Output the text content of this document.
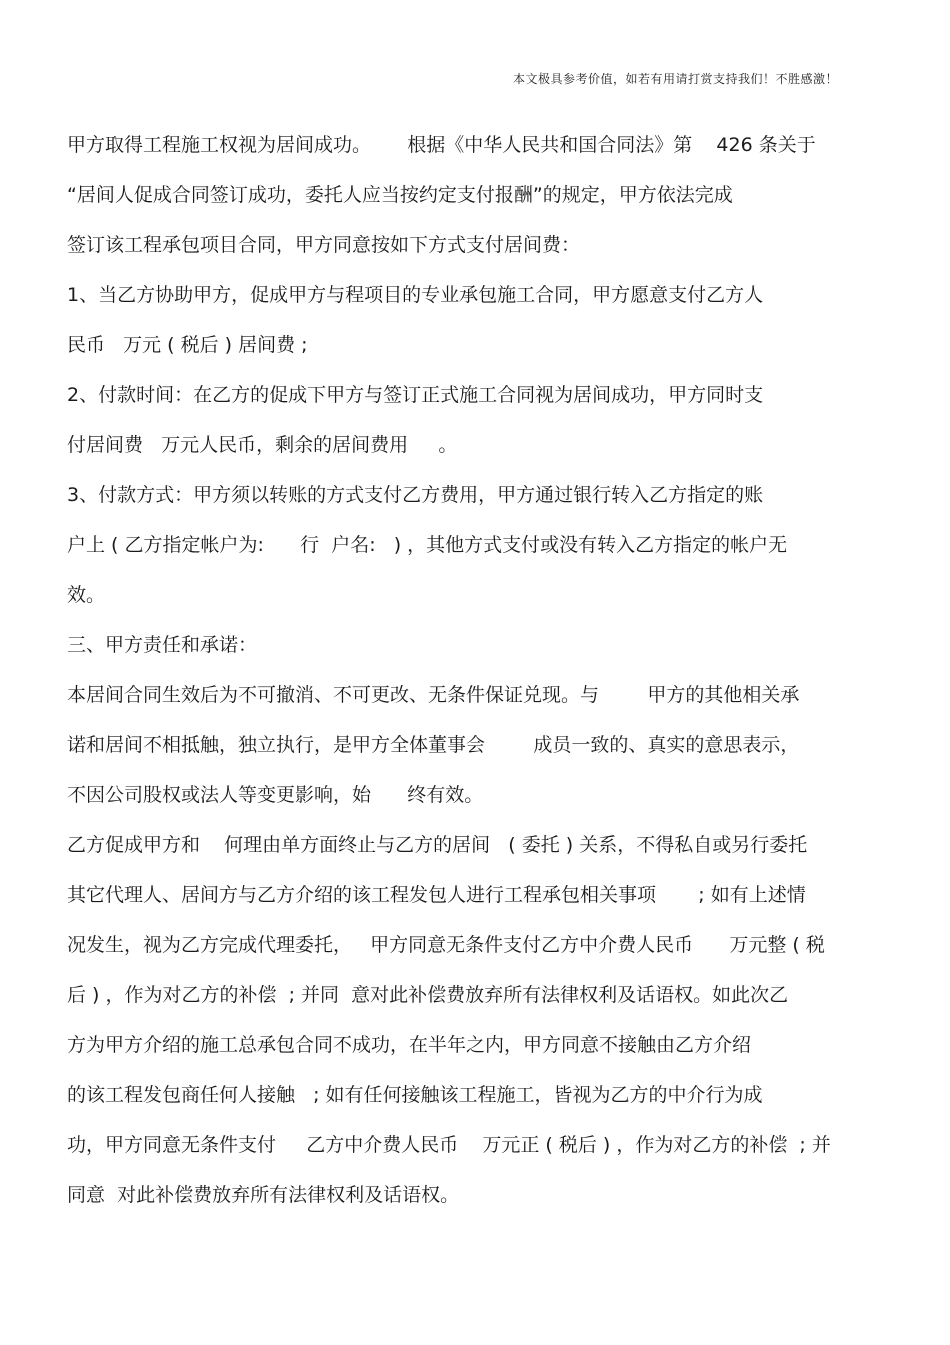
本文极具参考价值，如若有用请打赏支持我们！不胜感激！
甲方取得工程施工权视为居间成功。      根据《中华人民共和国合同法》第    426 条关于
“居间人促成合同签订成功，委托人应当按约定支付报酬”的规定，甲方依法完成
签订该工程承包项目合同，甲方同意按如下方式支付居间费：
1、当乙方协助甲方，促成甲方与程项目的专业承包施工合同，甲方愿意支付乙方人
民币   万元 ( 税后 ) 居间费 ;
2、付款时间：在乙方的促成下甲方与签订正式施工合同视为居间成功，甲方同时支
付居间费   万元人民币，剩余的居间费用     。
3、付款方式：甲方须以转账的方式支付乙方费用，甲方通过银行转入乙方指定的账
户上 ( 乙方指定帐户为:      行  户名:   ) ，其他方式支付或没有转入乙方指定的帐户无
效。
三、甲方责任和承诺：
本居间合同生效后为不可撤消、不可更改、无条件保证兑现。与        甲方的其他相关承
诺和居间不相抵触，独立执行，是甲方全体董事会        成员一致的、真实的意思表示，
不因公司股权或法人等变更影响，始      终有效。
乙方促成甲方和    何理由单方面终止与乙方的居间   ( 委托 ) 关系，不得私自或另行委托
其它代理人、居间方与乙方介绍的该工程发包人进行工程承包相关事项       ; 如有上述情
况发生，视为乙方完成代理委托，   甲方同意无条件支付乙方中介费人民币      万元整 ( 税
后 ) ，作为对乙方的补偿  ; 并同  意对此补偿费放弃所有法律权利及话语权。如此次乙
方为甲方介绍的施工总承包合同不成功，在半年之内，甲方同意不接触由乙方介绍
的该工程发包商任何人接触   ; 如有任何接触该工程施工，皆视为乙方的中介行为成
功，甲方同意无条件支付     乙方中介费人民币    万元正 ( 税后 ) ，作为对乙方的补偿  ; 并
同意  对此补偿费放弃所有法律权利及话语权。
